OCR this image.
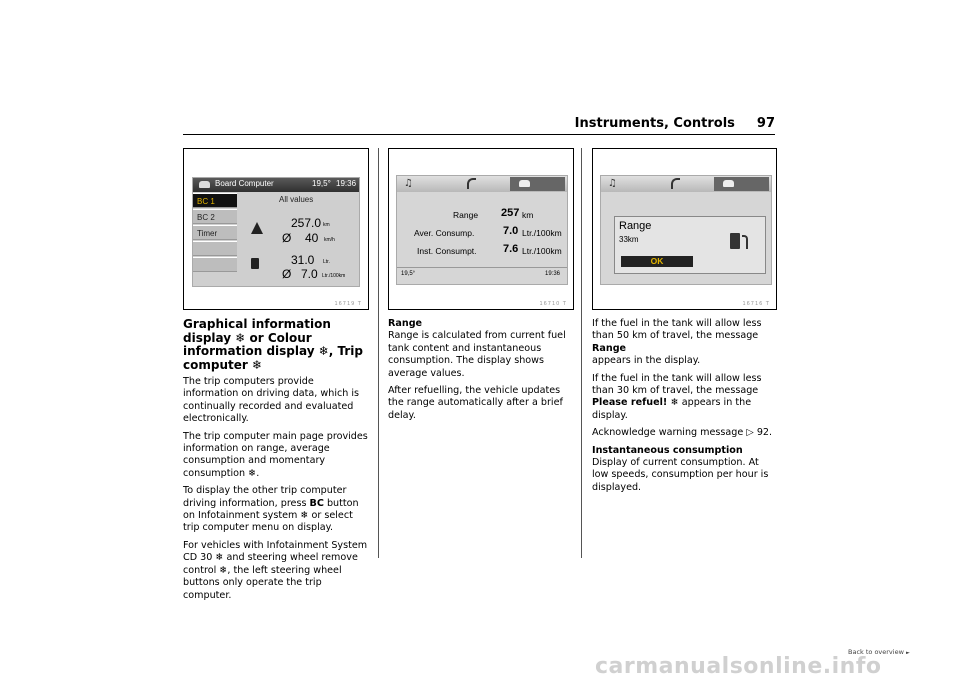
Instruments, Controls 97
Board Computer	19,5° 19:36
BC 1
BC 2
Timer
All values
257.0 km
Ø 40 km/h
31.0 Ltr.
Ø 7.0 Ltr./100km
16719 T
♫
Range 257 km
Aver. Consump.	7.0 Ltr./100km
Inst. Consumpt. 7.6 Ltr./100km
19,5°	19:36
16710 T
♫
Range
33km
OK
16716 T
Graphical information display ❄ or Colour information display ❄, Trip computer ❄

The trip computers provide information on driving data, which is continually recorded and evaluated electronically.

The trip computer main page provides information on range, average consumption and momentary consumption ❄.

To display the other trip computer driving information, press BC button on Infotainment system ❄ or select trip computer menu on display.

For vehicles with Infotainment System CD 30 ❄ and steering wheel remove control ❄, the left steering wheel buttons only operate the trip computer.

Range

Range is calculated from current fuel tank content and instantaneous consumption. The display shows average values.

After refuelling, the vehicle updates the range automatically after a brief delay.

If the fuel in the tank will allow less than 50 km of travel, the message Range
appears in the display.

If the fuel in the tank will allow less than 30 km of travel, the message
Please refuel! ❄ appears in the display.

Acknowledge warning message ▷ 92.

Instantaneous consumption

Display of current consumption. At low speeds, consumption per hour is displayed.

Back to overview ►
carmanualsonline.info
